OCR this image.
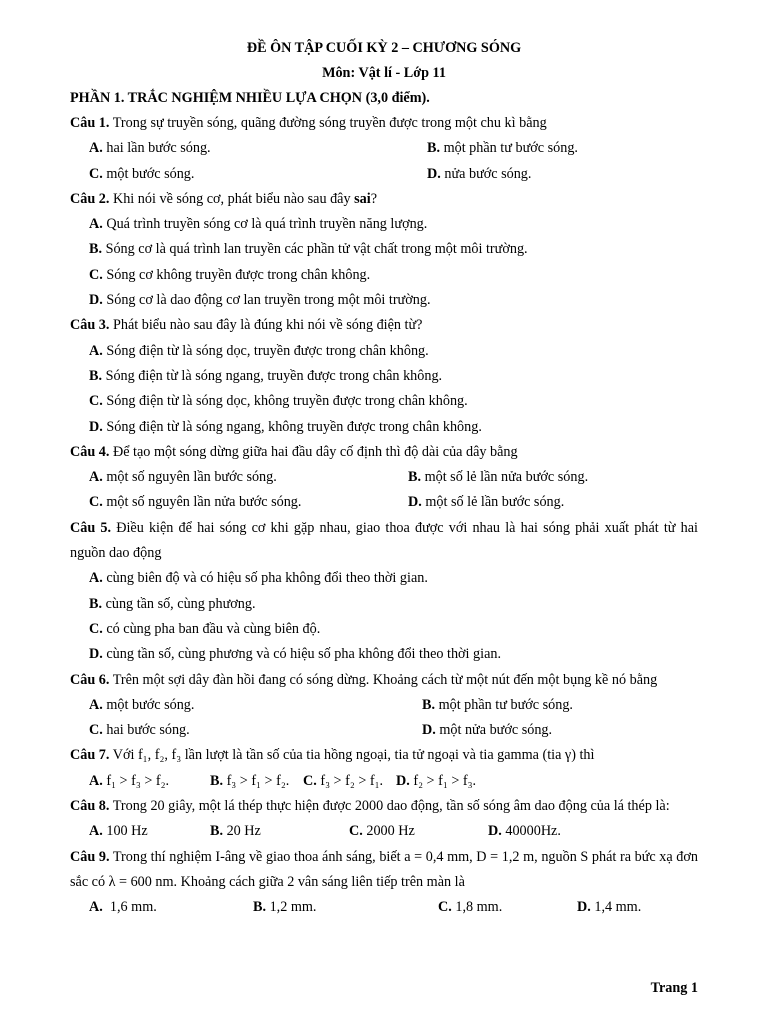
ĐỀ ÔN TẬP CUỐI KỲ 2 – CHƯƠNG SÓNG
Môn: Vật lí - Lớp 11
PHẦN 1. TRẮC NGHIỆM NHIỀU LỰA CHỌN (3,0 điểm).
Câu 1. Trong sự truyền sóng, quãng đường sóng truyền được trong một chu kì bằng
A. hai lần bước sóng.	B. một phần tư bước sóng.
C. một bước sóng.	D. nửa bước sóng.
Câu 2. Khi nói về sóng cơ, phát biểu nào sau đây sai?
A. Quá trình truyền sóng cơ là quá trình truyền năng lượng.
B. Sóng cơ là quá trình lan truyền các phần tử vật chất trong một môi trường.
C. Sóng cơ không truyền được trong chân không.
D. Sóng cơ là dao động cơ lan truyền trong một môi trường.
Câu 3. Phát biểu nào sau đây là đúng khi nói về sóng điện từ?
A. Sóng điện từ là sóng dọc, truyền được trong chân không.
B. Sóng điện từ là sóng ngang, truyền được trong chân không.
C. Sóng điện từ là sóng dọc, không truyền được trong chân không.
D. Sóng điện từ là sóng ngang, không truyền được trong chân không.
Câu 4. Để tạo một sóng dừng giữa hai đầu dây cố định thì độ dài của dây bằng
A. một số nguyên lần bước sóng.	B. một số lẻ lần nửa bước sóng.
C. một số nguyên lần nửa bước sóng.	D. một số lẻ lần bước sóng.
Câu 5. Điều kiện để hai sóng cơ khi gặp nhau, giao thoa được với nhau là hai sóng phải xuất phát từ hai nguồn dao động
A. cùng biên độ và có hiệu số pha không đổi theo thời gian.
B. cùng tần số, cùng phương.
C. có cùng pha ban đầu và cùng biên độ.
D. cùng tần số, cùng phương và có hiệu số pha không đổi theo thời gian.
Câu 6. Trên một sợi dây đàn hồi đang có sóng dừng. Khoảng cách từ một nút đến một bụng kề nó bằng
A. một bước sóng.	B. một phần tư bước sóng.
C. hai bước sóng.	D. một nửa bước sóng.
Câu 7. Với f₁, f₂, f₃ lần lượt là tần số của tia hồng ngoại, tia tử ngoại và tia gamma (tia γ) thì
A. f₁ > f₃ > f₂.	B. f₃ > f₁ > f₂. C. f₃ > f₂ > f₁. D. f₂ > f₁ > f₃.
Câu 8. Trong 20 giây, một lá thép thực hiện được 2000 dao động, tần số sóng âm dao động của lá thép là:
A. 100 Hz	B. 20 Hz	C. 2000 Hz	D. 40000Hz.
Câu 9. Trong thí nghiệm I-âng về giao thoa ánh sáng, biết a = 0,4 mm, D = 1,2 m, nguồn S phát ra bức xạ đơn sắc có λ = 600 nm. Khoảng cách giữa 2 vân sáng liên tiếp trên màn là
A. 1,6 mm.	B. 1,2 mm.	C. 1,8 mm.	D. 1,4 mm.
Trang 1
